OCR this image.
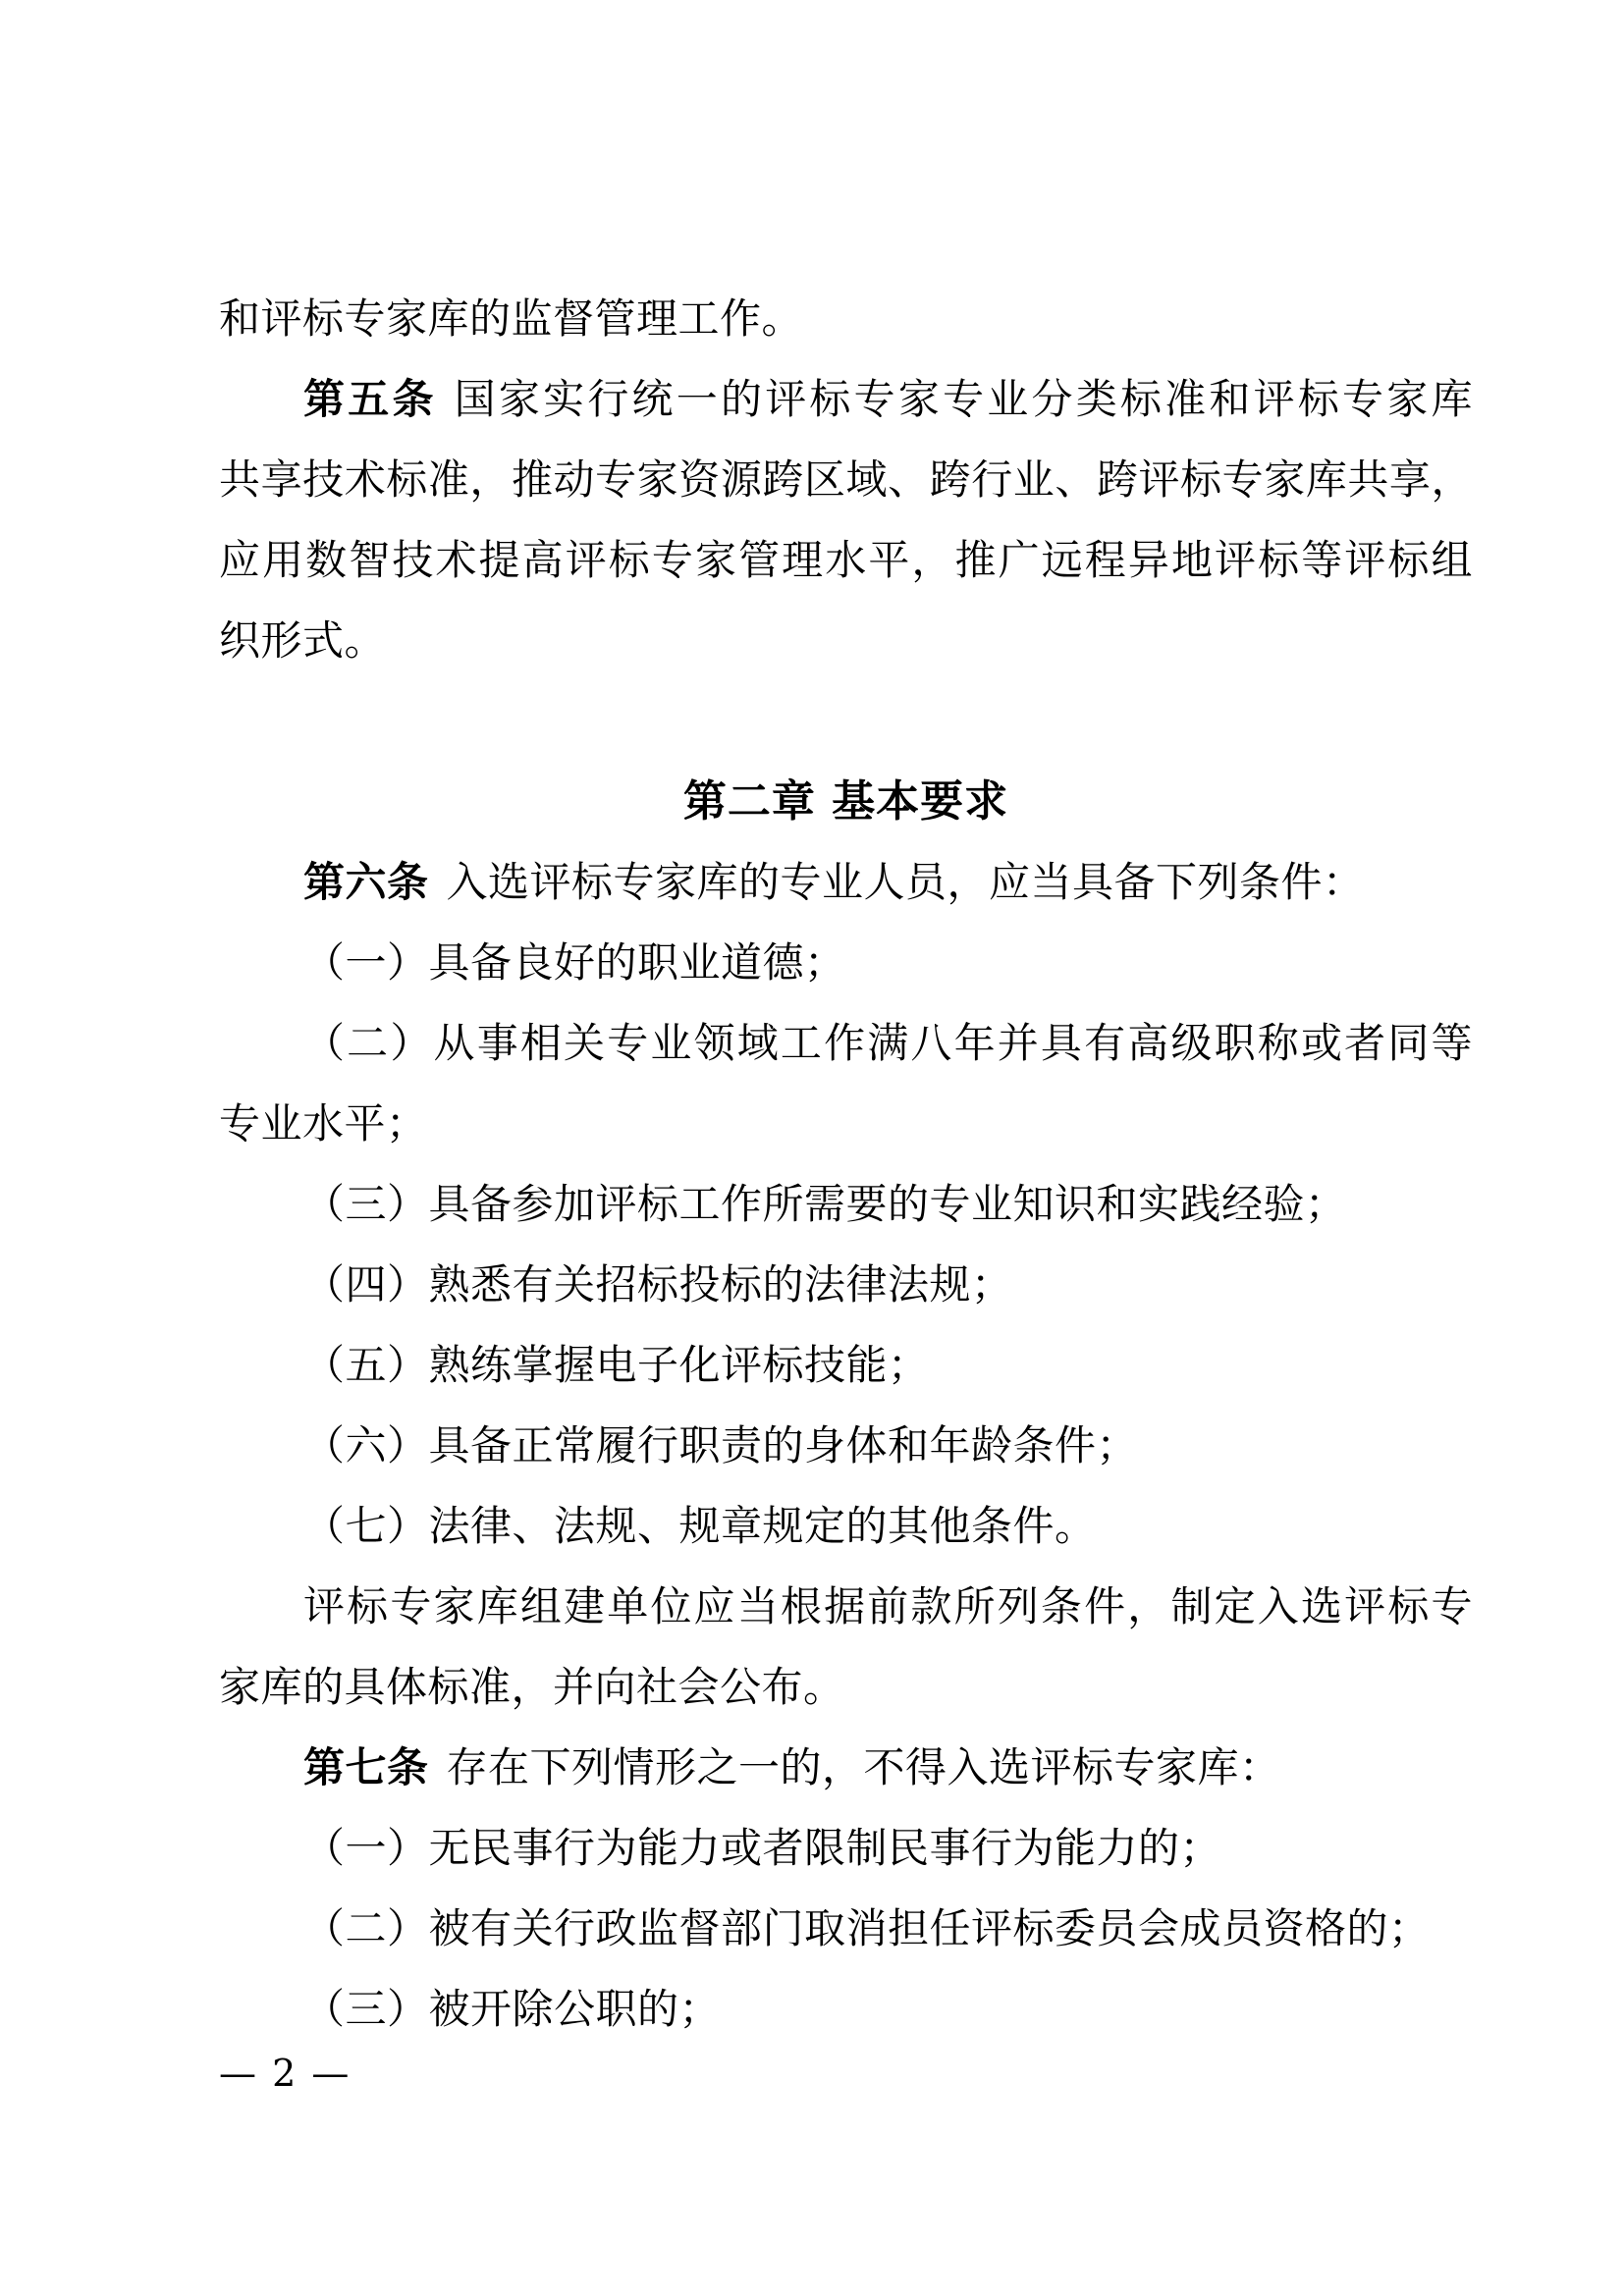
和评标专家库的监督管理工作。
第五条 国家实行统一的评标专家专业分类标准和评标专家库
共享技术标准，推动专家资源跨区域、跨行业、跨评标专家库共享，
应用数智技术提高评标专家管理水平，推广远程异地评标等评标组
织形式。
第二章 基本要求
第六条 入选评标专家库的专业人员，应当具备下列条件：
（一）具备良好的职业道德；
（二）从事相关专业领域工作满八年并具有高级职称或者同等
专业水平；
（三）具备参加评标工作所需要的专业知识和实践经验；
（四）熟悉有关招标投标的法律法规；
（五）熟练掌握电子化评标技能；
（六）具备正常履行职责的身体和年龄条件；
（七）法律、法规、规章规定的其他条件。
评标专家库组建单位应当根据前款所列条件，制定入选评标专
家库的具体标准，并向社会公布。
第七条 存在下列情形之一的，不得入选评标专家库：
（一）无民事行为能力或者限制民事行为能力的；
（二）被有关行政监督部门取消担任评标委员会成员资格的；
（三）被开除公职的；
— 2 —
